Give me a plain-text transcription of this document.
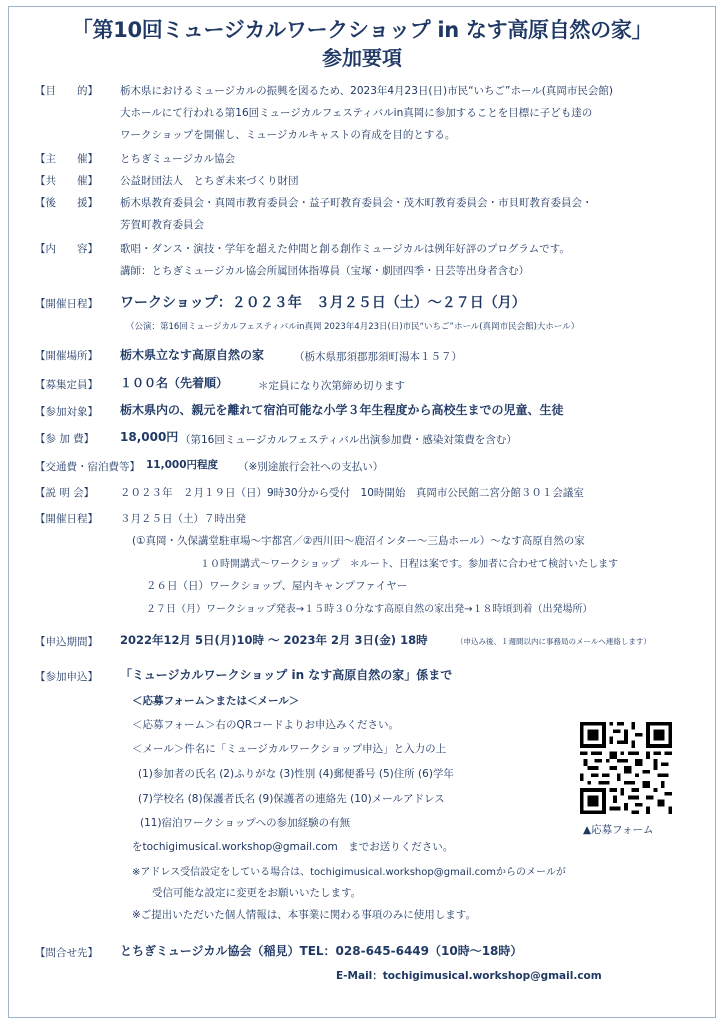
「第10回ミュージカルワークショップ in なす高原自然の家」
参加要項
【目　　的】 栃木県におけるミュージカルの振興を図るため、2023年4月23日(日)市民“いちご”ホール(真岡市民会館)
大ホールにて行われる第16回ミュージカルフェスティバルin真岡に参加することを目標に子ども達の
ワークショップを開催し、ミュージカルキャストの育成を目的とする。
【主　　催】 とちぎミュージカル協会
【共　　催】 公益財団法人　とちぎ未来づくり財団
【後　　援】 栃木県教育委員会・真岡市教育委員会・益子町教育委員会・茂木町教育委員会・市貝町教育委員会・
芳賀町教育委員会
【内　　容】 歌唱・ダンス・演技・学年を超えた仲間と創る創作ミュージカルは例年好評のプログラムです。
講師：とちぎミュージカル協会所属団体指導員（宝塚・劇団四季・日芸等出身者含む）
【開催日程】 ワークショップ：２０２３年　３月２５日（土）～２７日（月）
（公演：第16回ミュージカルフェスティバルin真岡 2023年4月23日(日)市民“いちご”ホール(真岡市民会館)大ホール）
【開催場所】 栃木県立なす高原自然の家	（栃木県那須郡那須町湯本１５７）
【募集定員】 １００名（先着順）	＊定員になり次第締め切ります
【参加対象】 栃木県内の、親元を離れて宿泊可能な小学３年生程度から高校生までの児童、生徒
【参 加 費】 18,000円 （第16回ミュージカルフェスティバル出演参加費・感染対策費を含む）
【交通費・宿泊費等】 11,000円程度 （※別途旅行会社への支払い）
【説 明 会】 ２０２３年　２月１９日（日）9時30分から受付　10時開始　真岡市公民館二宮分館３０１会議室
【開催日程】 ３月２５日（土）７時出発
(①真岡・久保講堂駐車場～宇都宮／②西川田～鹿沼インター～三島ホール）～なす高原自然の家
１０時開講式～ワークショップ　＊ルート、日程は案です。参加者に合わせて検討いたします
２６日（日）ワークショップ、屋内キャンプファイヤー
２７日（月）ワークショップ発表→１５時３０分なす高原自然の家出発→１８時頃到着（出発場所）
【申込期間】 2022年12月 5日(月)10時 ～ 2023年 2月 3日(金) 18時	（申込み後、１週間以内に事務局のメールへ連絡します）
【参加申込】 「ミュージカルワークショップ in なす高原自然の家」係まで
＜応募フォーム＞または＜メール＞
＜応募フォーム＞右のQRコードよりお申込みください。
＜メール＞件名に「ミュージカルワークショップ申込」と入力の上
(1)参加者の氏名 (2)ふりがな (3)性別 (4)郵便番号 (5)住所 (6)学年
(7)学校名 (8)保護者氏名 (9)保護者の連絡先 (10)メールアドレス
(11)宿泊ワークショップへの参加経験の有無
をtochigimusical.workshop@gmail.com　までお送りください。
※アドレス受信設定をしている場合は、tochigimusical.workshop@gmail.comからのメールが
受信可能な設定に変更をお願いいたします。
※ご提出いただいた個人情報は、本事業に関わる事項のみに使用します。
▲応募フォーム
【問合せ先】 とちぎミュージカル協会（稲見）TEL：028-645-6449（10時～18時）
E-Mail：tochigimusical.workshop@gmail.com
